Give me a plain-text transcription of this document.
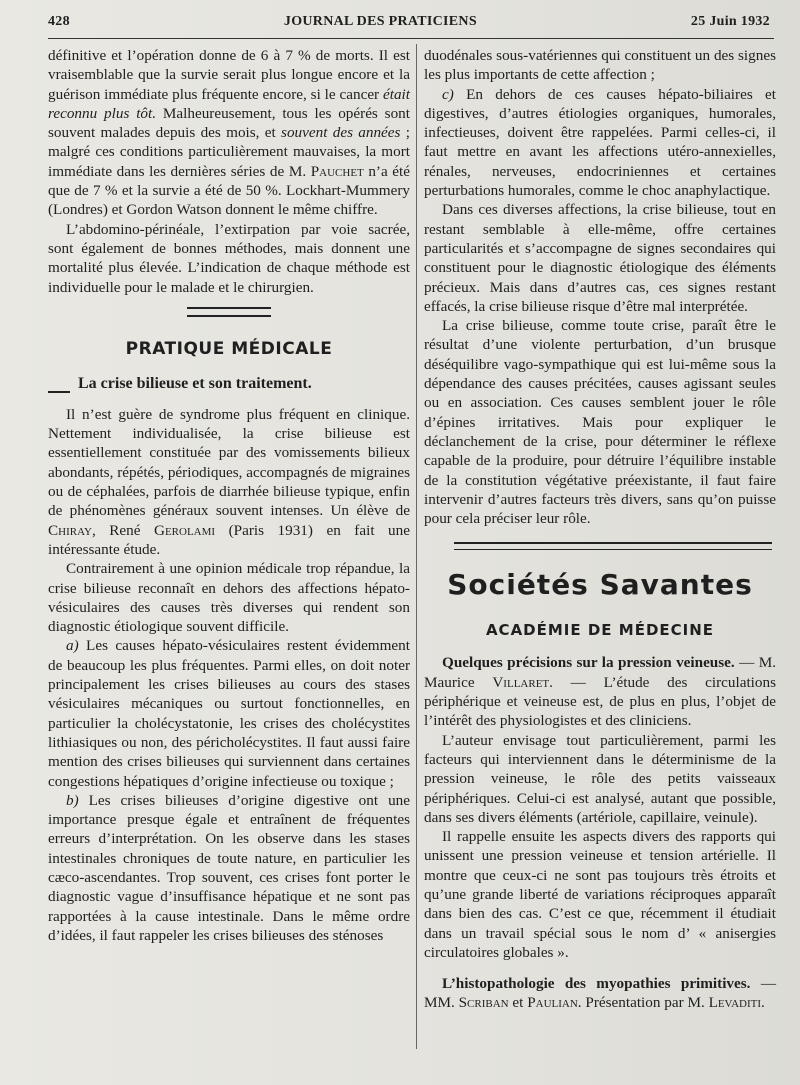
428	JOURNAL DES PRATICIENS	25 Juin 1932

définitive et l’opération donne de 6 à 7 % de morts. Il est vraisemblable que la survie serait plus longue encore et la guérison immédiate plus fréquente encore, si le cancer était reconnu plus tôt. Malheureusement, tous les opérés sont souvent malades depuis des mois, et souvent des années ; malgré ces conditions particulièrement mauvaises, la mort immédiate dans les dernières séries de M. Pauchet n’a été que de 7 % et la survie a été de 50 %. Lockhart-Mummery (Londres) et Gordon Watson donnent le même chiffre.

L’abdomino-périnéale, l’extirpation par voie sacrée, sont également de bonnes méthodes, mais donnent une mortalité plus élevée. L’indication de chaque méthode est individuelle pour le malade et le chirurgien.

PRATIQUE MÉDICALE
La crise bilieuse et son traitement.

Il n’est guère de syndrome plus fréquent en clinique. Nettement individualisée, la crise bilieuse est essentiellement constituée par des vomissements bilieux abondants, répétés, périodiques, accompagnés de migraines ou de céphalées, parfois de diarrhée bilieuse typique, enfin de phénomènes généraux souvent intenses. Un élève de Chiray, René Gerolami (Paris 1931) en fait une intéressante étude.

Contrairement à une opinion médicale trop répandue, la crise bilieuse reconnaît en dehors des affections hépato-vésiculaires des causes très diverses qui rendent son diagnostic étiologique souvent difficile.

a) Les causes hépato-vésiculaires restent évidemment de beaucoup les plus fréquentes. Parmi elles, on doit noter principalement les crises bilieuses au cours des stases vésiculaires mécaniques ou surtout fonctionnelles, en particulier la cholécystatonie, les crises des cholécystites lithiasiques ou non, des péricholécystites. Il faut aussi faire mention des crises bilieuses qui surviennent dans certaines congestions hépatiques d’origine infectieuse ou toxique ;

b) Les crises bilieuses d’origine digestive ont une importance presque égale et entraînent de fréquentes erreurs d’interprétation. On les observe dans les stases intestinales chroniques de toute nature, en particulier les cæco-ascendantes. Trop souvent, ces crises font porter le diagnostic vague d’insuffisance hépatique et ne sont pas rapportées à la cause intestinale. Dans le même ordre d’idées, il faut rappeler les crises bilieuses des sténoses

duodénales sous-vatériennes qui constituent un des signes les plus importants de cette affection ;

c) En dehors de ces causes hépato-biliaires et digestives, d’autres étiologies organiques, humorales, infectieuses, doivent être rappelées. Parmi celles-ci, il faut mettre en avant les affections utéro-annexielles, rénales, nerveuses, endocriniennes et certaines perturbations humorales, comme le choc anaphylactique.

Dans ces diverses affections, la crise bilieuse, tout en restant semblable à elle-même, offre certaines particularités et s’accompagne de signes secondaires qui constituent pour le diagnostic étiologique des éléments précieux. Mais dans d’autres cas, ces signes restant effacés, la crise bilieuse risque d’être mal interprétée.

La crise bilieuse, comme toute crise, paraît être le résultat d’une violente perturbation, d’un brusque déséquilibre vago-sympathique qui est lui-même sous la dépendance des causes précitées, causes agissant seules ou en association. Ces causes semblent jouer le rôle d’épines irritatives. Mais pour expliquer le déclanchement de la crise, pour déterminer le réflexe capable de la produire, pour détruire l’équilibre instable de la constitution végétative préexistante, il faut faire intervenir d’autres facteurs très divers, sans qu’on puisse pour cela préciser leur rôle.

Sociétés Savantes
ACADÉMIE DE MÉDECINE

Quelques précisions sur la pression veineuse. — M. Maurice Villaret. — L’étude des circulations périphérique et veineuse est, de plus en plus, l’objet de l’intérêt des physiologistes et des cliniciens.

L’auteur envisage tout particulièrement, parmi les facteurs qui interviennent dans le déterminisme de la pression veineuse, le rôle des petits vaisseaux périphériques. Celui-ci est analysé, autant que possible, dans ses divers éléments (artériole, capillaire, veinule).

Il rappelle ensuite les aspects divers des rapports qui unissent une pression veineuse et tension artérielle. Il montre que ceux-ci ne sont pas toujours très étroits et qu’une grande liberté de variations réciproques apparaît dans bien des cas. C’est ce que, récemment il étudiait dans un travail spécial sous le nom d’ « anisergies circulatoires globales ».

L’histopathologie des myopathies primitives. — MM. Scriban et Paulian. Présentation par M. Levaditi.
